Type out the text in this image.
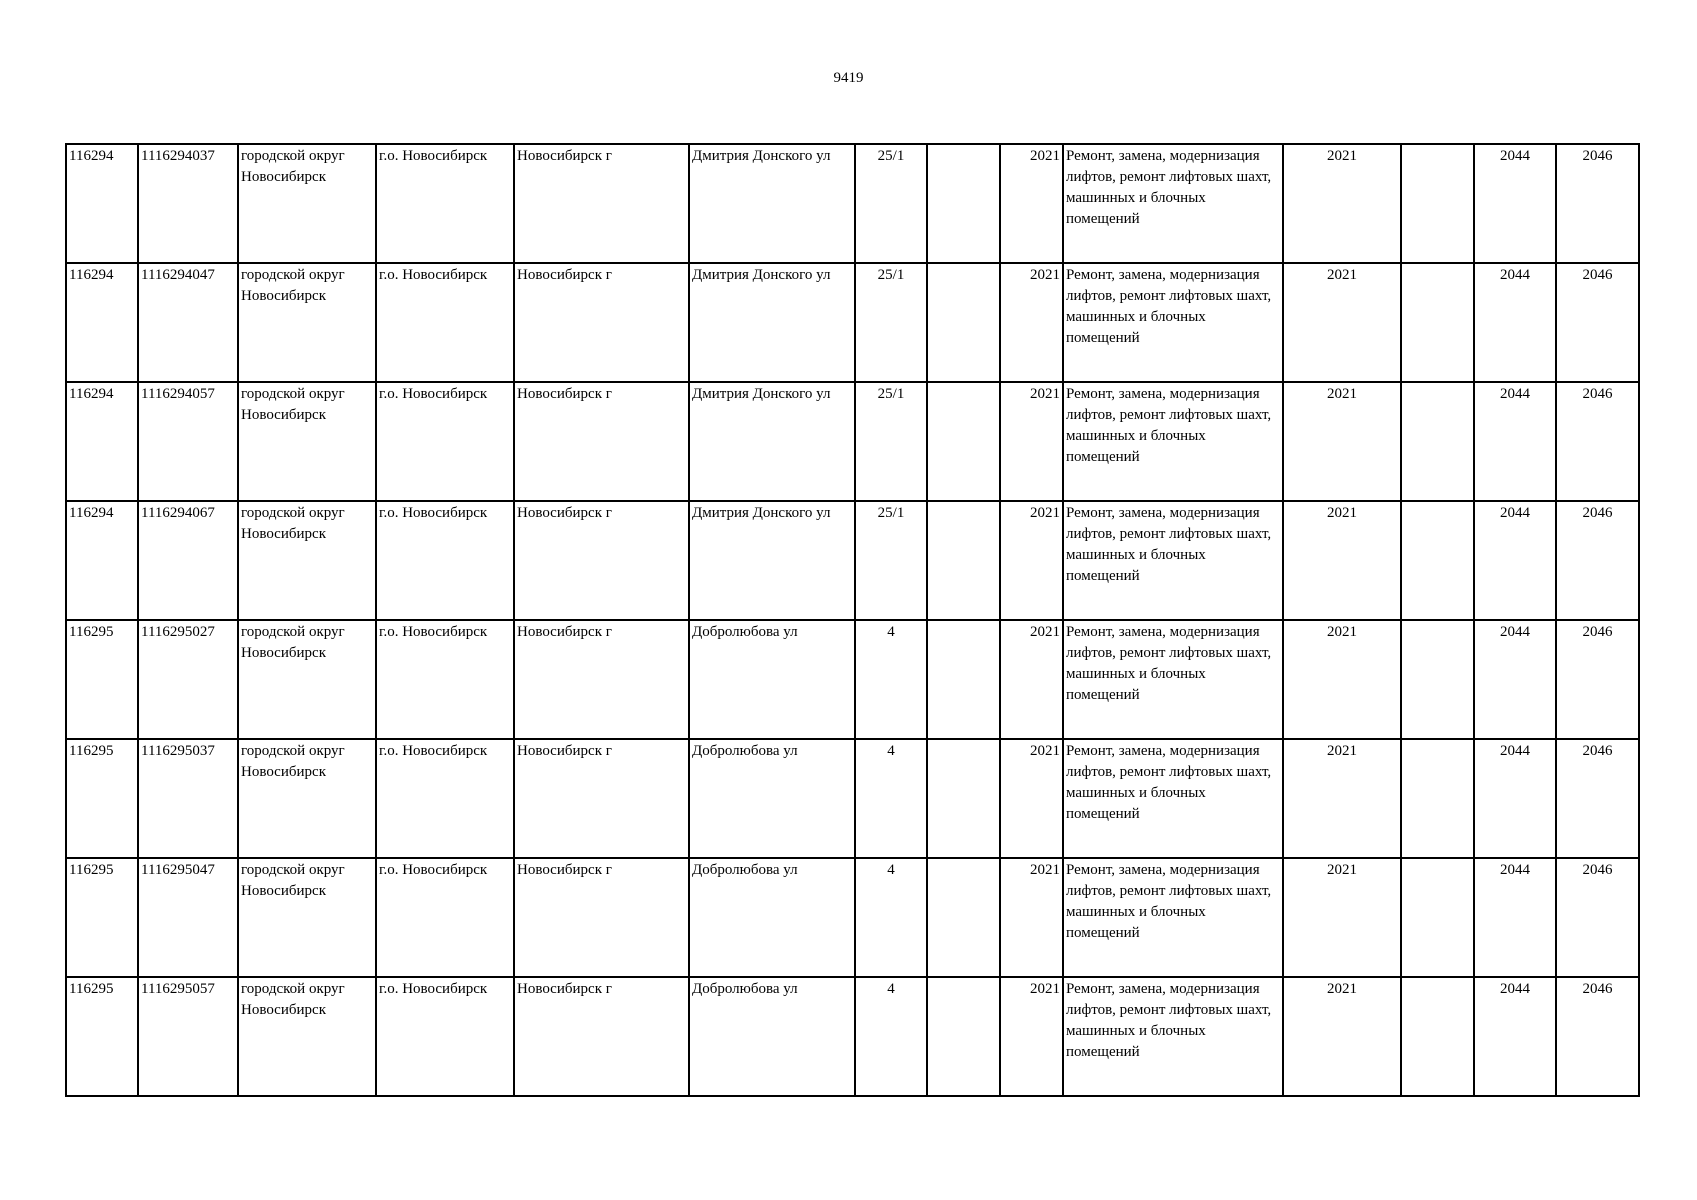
9419
116294	1116294037	городской округ Новосибирск	г.о. Новосибирск	Новосибирск г	Дмитрия Донского ул	25/1		2021	Ремонт, замена, модернизация лифтов, ремонт лифтовых шахт, машинных и блочных помещений	2021		2044	2046
116294	1116294047	городской округ Новосибирск	г.о. Новосибирск	Новосибирск г	Дмитрия Донского ул	25/1		2021	Ремонт, замена, модернизация лифтов, ремонт лифтовых шахт, машинных и блочных помещений	2021		2044	2046
116294	1116294057	городской округ Новосибирск	г.о. Новосибирск	Новосибирск г	Дмитрия Донского ул	25/1		2021	Ремонт, замена, модернизация лифтов, ремонт лифтовых шахт, машинных и блочных помещений	2021		2044	2046
116294	1116294067	городской округ Новосибирск	г.о. Новосибирск	Новосибирск г	Дмитрия Донского ул	25/1		2021	Ремонт, замена, модернизация лифтов, ремонт лифтовых шахт, машинных и блочных помещений	2021		2044	2046
116295	1116295027	городской округ Новосибирск	г.о. Новосибирск	Новосибирск г	Добролюбова ул	4		2021	Ремонт, замена, модернизация лифтов, ремонт лифтовых шахт, машинных и блочных помещений	2021		2044	2046
116295	1116295037	городской округ Новосибирск	г.о. Новосибирск	Новосибирск г	Добролюбова ул	4		2021	Ремонт, замена, модернизация лифтов, ремонт лифтовых шахт, машинных и блочных помещений	2021		2044	2046
116295	1116295047	городской округ Новосибирск	г.о. Новосибирск	Новосибирск г	Добролюбова ул	4		2021	Ремонт, замена, модернизация лифтов, ремонт лифтовых шахт, машинных и блочных помещений	2021		2044	2046
116295	1116295057	городской округ Новосибирск	г.о. Новосибирск	Новосибирск г	Добролюбова ул	4		2021	Ремонт, замена, модернизация лифтов, ремонт лифтовых шахт, машинных и блочных помещений	2021		2044	2046
